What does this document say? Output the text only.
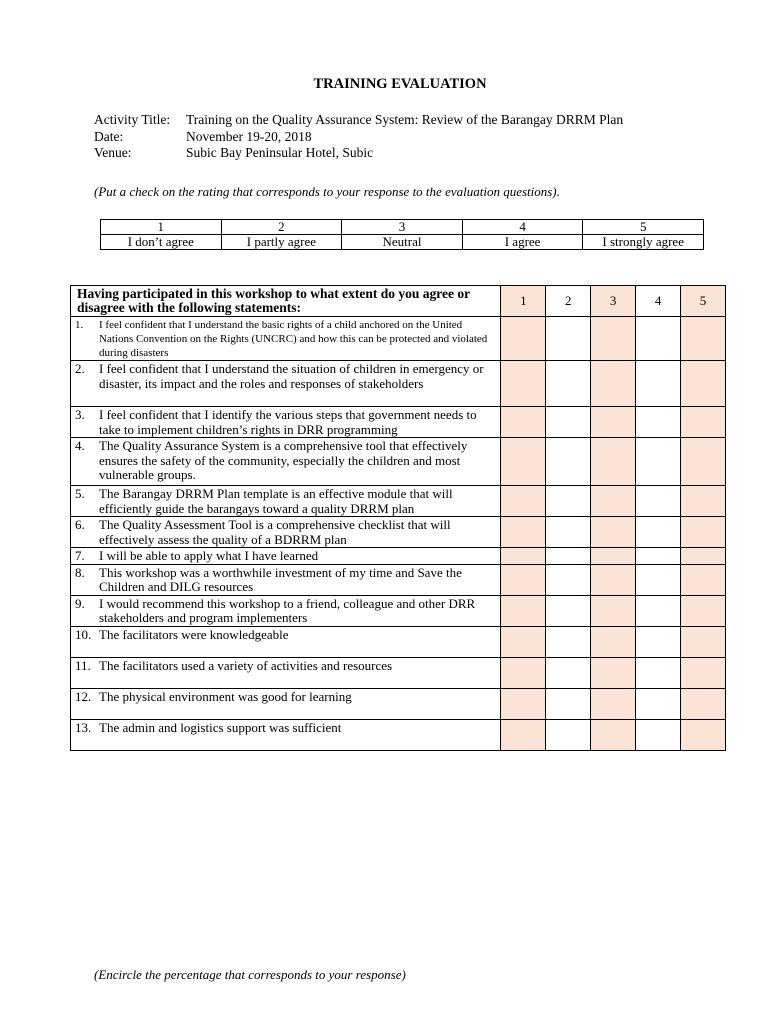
TRAINING EVALUATION
Activity Title:	Training on the Quality Assurance System: Review of the Barangay DRRM Plan
Date:	November 19-20, 2018
Venue:	Subic Bay Peninsular Hotel, Subic
(Put a check on the rating that corresponds to your response to the evaluation questions).
1	2	3	4	5
I don’t agree	I partly agree	Neutral	I agree	I strongly agree
Having participated in this workshop to what extent do you agree or disagree with the following statements:	1	2	3	4	5

1. I feel confident that I understand the basic rights of a child anchored on the United Nations Convention on the Rights (UNCRC) and how this can be protected and violated during disasters					

2. I feel confident that I understand the situation of children in emergency or disaster, its impact and the roles and responses of stakeholders					

3. I feel confident that I identify the various steps that government needs to take to implement children’s rights in DRR programming					

4. The Quality Assurance System is a comprehensive tool that effectively ensures the safety of the community, especially the children and most vulnerable groups.					

5. The Barangay DRRM Plan template is an effective module that will efficiently guide the barangays toward a quality DRRM plan					

6. The Quality Assessment Tool is a comprehensive checklist that will effectively assess the quality of a BDRRM plan					

7. I will be able to apply what I have learned					

8. This workshop was a worthwhile investment of my time and Save the Children and DILG resources					

9. I would recommend this workshop to a friend, colleague and other DRR stakeholders and program implementers					

10. The facilitators were knowledgeable					

11. The facilitators used a variety of activities and resources					

12. The physical environment was good for learning					

13. The admin and logistics support was sufficient					

(Encircle the percentage that corresponds to your response)
